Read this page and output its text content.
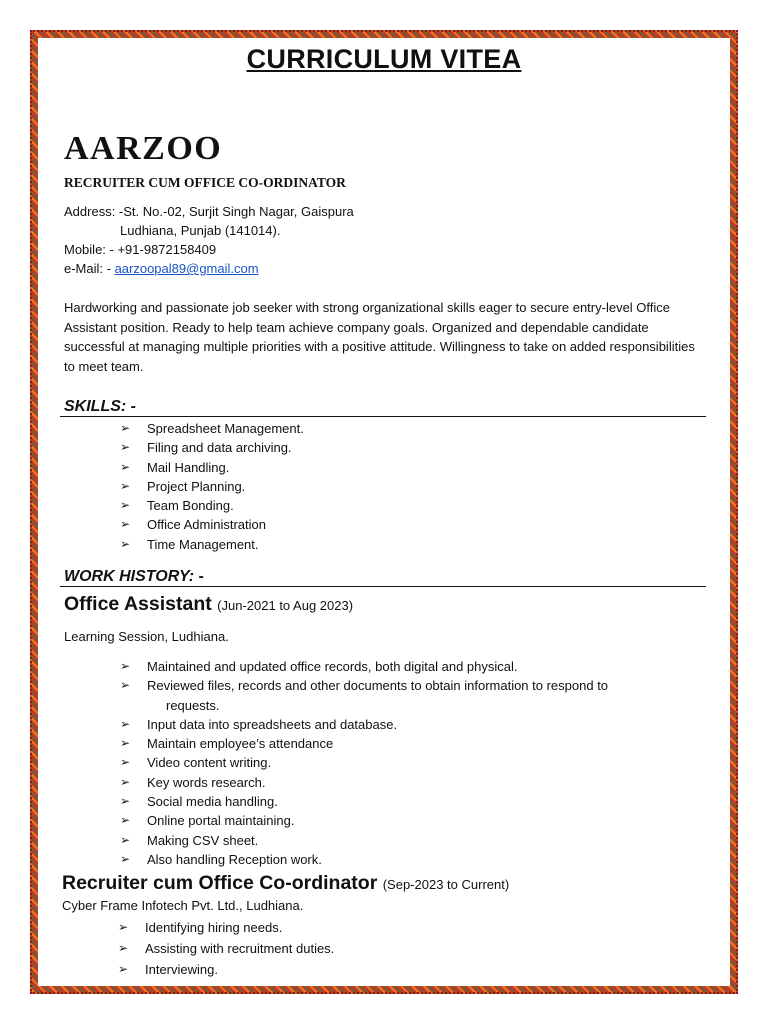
CURRICULUM VITEA
AARZOO
RECRUITER CUM OFFICE CO-ORDINATOR
Address: -St. No.-02, Surjit Singh Nagar, Gaispura
Ludhiana, Punjab (141014).
Mobile: - +91-9872158409
e-Mail: - aarzoopal89@gmail.com
Hardworking and passionate job seeker with strong organizational skills eager to secure entry-level Office Assistant position. Ready to help team achieve company goals. Organized and dependable candidate successful at managing multiple priorities with a positive attitude. Willingness to take on added responsibilities to meet team.
SKILLS: -
➢ Spreadsheet Management.
➢ Filing and data archiving.
➢ Mail Handling.
➢ Project Planning.
➢ Team Bonding.
➢ Office Administration
➢ Time Management.
WORK HISTORY: -
Office Assistant (Jun-2021 to Aug 2023)
Learning Session, Ludhiana.
➢ Maintained and updated office records, both digital and physical.
➢ Reviewed files, records and other documents to obtain information to respond to
requests.
➢ Input data into spreadsheets and database.
➢ Maintain employee’s attendance
➢ Video content writing.
➢ Key words research.
➢ Social media handling.
➢ Online portal maintaining.
➢ Making CSV sheet.
➢ Also handling Reception work.
Recruiter cum Office Co-ordinator (Sep-2023 to Current)
Cyber Frame Infotech Pvt. Ltd., Ludhiana.
➢ Identifying hiring needs.
➢ Assisting with recruitment duties.
➢ Interviewing.
